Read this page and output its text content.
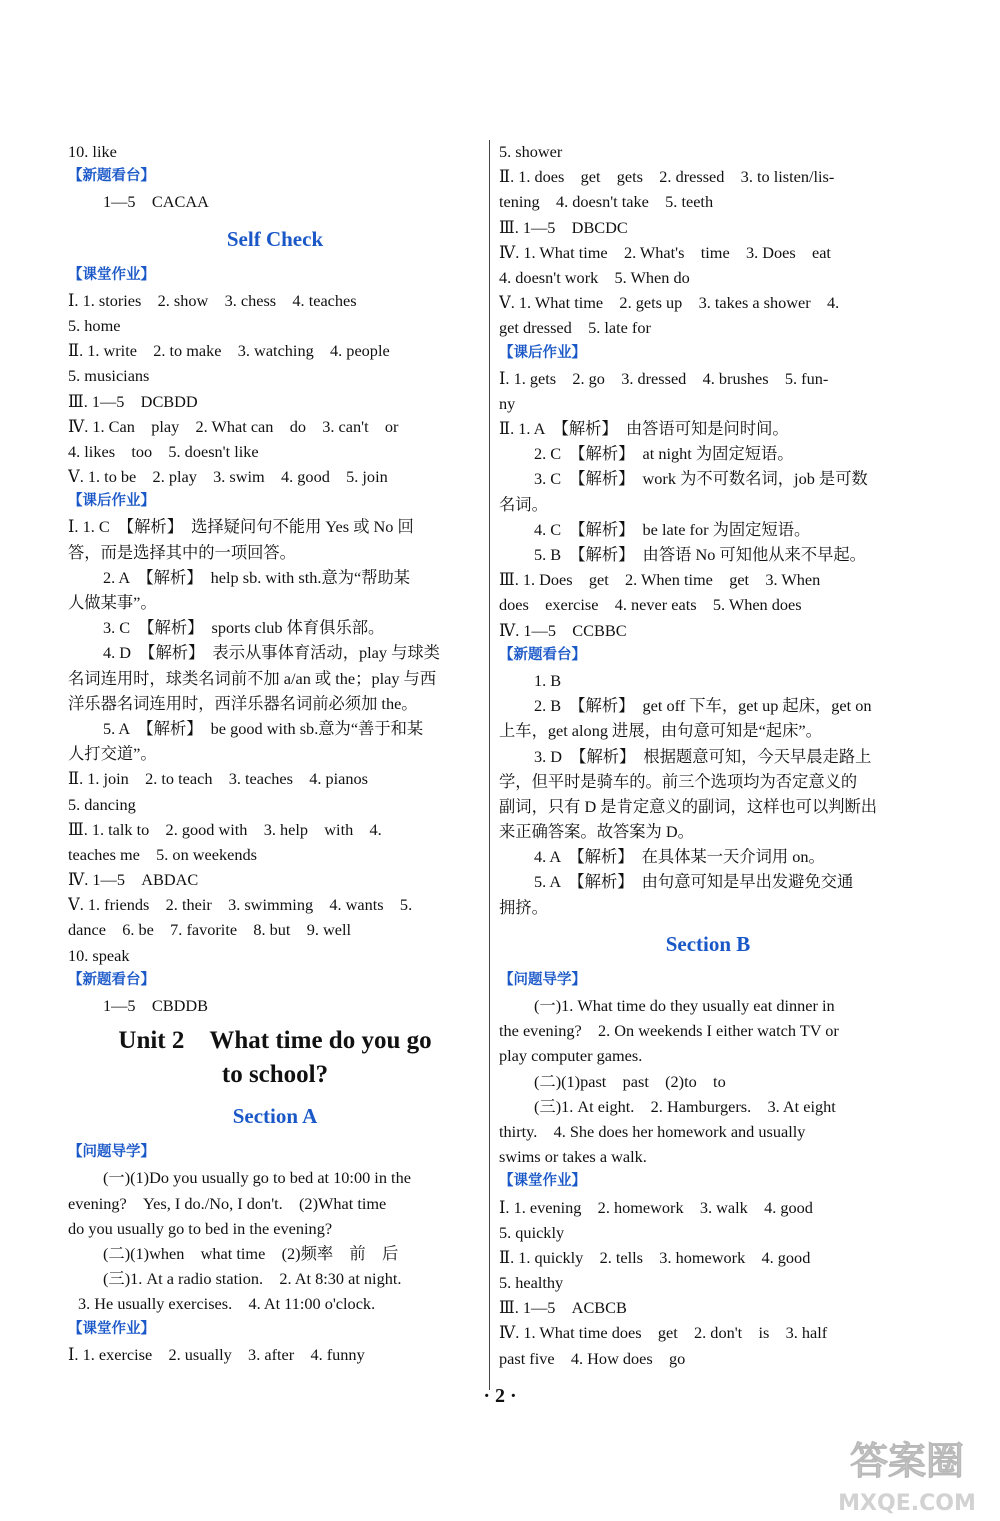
10. like
【新题看台】
1—5　CACAA
Self Check
【课堂作业】
Ⅰ. 1. stories　2. show　3. chess　4. teaches
5. home
Ⅱ. 1. write　2. to make　3. watching　4. people
5. musicians
Ⅲ. 1—5　DCBDD
Ⅳ. 1. Can　play　2. What can　do　3. can't　or
4. likes　too　5. doesn't like
Ⅴ. 1. to be　2. play　3. swim　4. good　5. join
【课后作业】
Ⅰ. 1. C　【解析】　选择疑问句不能用 Yes 或 No 回
答，而是选择其中的一项回答。
2. A　【解析】　help sb. with sth.意为“帮助某
人做某事”。
3. C　【解析】　sports club 体育俱乐部。
4. D　【解析】　表示从事体育活动，play 与球类
名词连用时，球类名词前不加 a/an 或 the；play 与西
洋乐器名词连用时，西洋乐器名词前必须加 the。
5. A　【解析】　be good with sb.意为“善于和某
人打交道”。
Ⅱ. 1. join　2. to teach　3. teaches　4. pianos
5. dancing
Ⅲ. 1. talk to　2. good with　3. help　with　4.
teaches me　5. on weekends
Ⅳ. 1—5　ABDAC
Ⅴ. 1. friends　2. their　3. swimming　4. wants　5.
dance　6. be　7. favorite　8. but　9. well
10. speak
【新题看台】
1—5　CBDDB
Unit 2　What time do you go
to school?
Section A
【问题导学】
(一)(1)Do you usually go to bed at 10:00 in the
evening?　Yes, I do./No, I don't.　(2)What time
do you usually go to bed in the evening?
(二)(1)when　what time　(2)频率　前　后
(三)1. At a radio station.　2. At 8:30 at night.
3. He usually exercises.　4. At 11:00 o'clock.
【课堂作业】
Ⅰ. 1. exercise　2. usually　3. after　4. funny
5. shower
Ⅱ. 1. does　get　gets　2. dressed　3. to listen/lis-
tening　4. doesn't take　5. teeth
Ⅲ. 1—5　DBCDC
Ⅳ. 1. What time　2. What's　time　3. Does　eat
4. doesn't work　5. When do
Ⅴ. 1. What time　2. gets up　3. takes a shower　4.
get dressed　5. late for
【课后作业】
Ⅰ. 1. gets　2. go　3. dressed　4. brushes　5. fun-
ny
Ⅱ. 1. A　【解析】　由答语可知是问时间。
2. C　【解析】　at night 为固定短语。
3. C　【解析】　work 为不可数名词，job 是可数
名词。
4. C　【解析】　be late for 为固定短语。
5. B　【解析】　由答语 No 可知他从来不早起。
Ⅲ. 1. Does　get　2. When time　get　3. When
does　exercise　4. never eats　5. When does
Ⅳ. 1—5　CCBBC
【新题看台】
1. B
2. B　【解析】　get off 下车，get up 起床，get on
上车，get along 进展，由句意可知是“起床”。
3. D　【解析】　根据题意可知，今天早晨走路上
学，但平时是骑车的。前三个选项均为否定意义的
副词，只有 D 是肯定意义的副词，这样也可以判断出
来正确答案。故答案为 D。
4. A　【解析】　在具体某一天介词用 on。
5. A　【解析】　由句意可知是早出发避免交通
拥挤。
Section B
【问题导学】
(一)1. What time do they usually eat dinner in
the evening?　2. On weekends I either watch TV or
play computer games.
(二)(1)past　past　(2)to　to
(三)1. At eight.　2. Hamburgers.　3. At eight
thirty.　4. She does her homework and usually
swims or takes a walk.
【课堂作业】
Ⅰ. 1. evening　2. homework　3. walk　4. good
5. quickly
Ⅱ. 1. quickly　2. tells　3. homework　4. good
5. healthy
Ⅲ. 1—5　ACBCB
Ⅳ. 1. What time does　get　2. don't　is　3. half
past five　4. How does　go
· 2 ·
答案圈
MXQE.COM
